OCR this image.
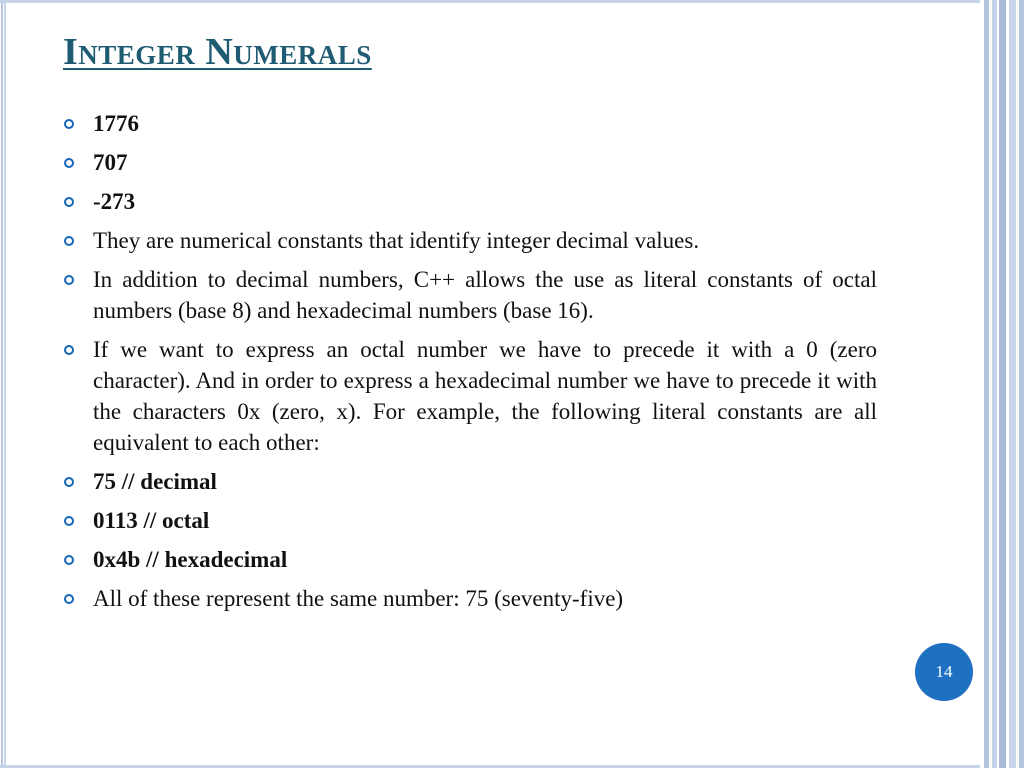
Integer Numerals
1776
707
-273
They are numerical constants that identify integer decimal values.
In addition to decimal numbers, C++ allows the use as literal constants of octal numbers (base 8) and hexadecimal numbers (base 16).
If we want to express an octal number we have to precede it with a 0 (zero character). And in order to express a hexadecimal number we have to precede it with the characters 0x (zero, x). For example, the following literal constants are all equivalent to each other:
75 // decimal
0113 // octal
0x4b // hexadecimal
All of these represent the same number: 75 (seventy-five)
14
